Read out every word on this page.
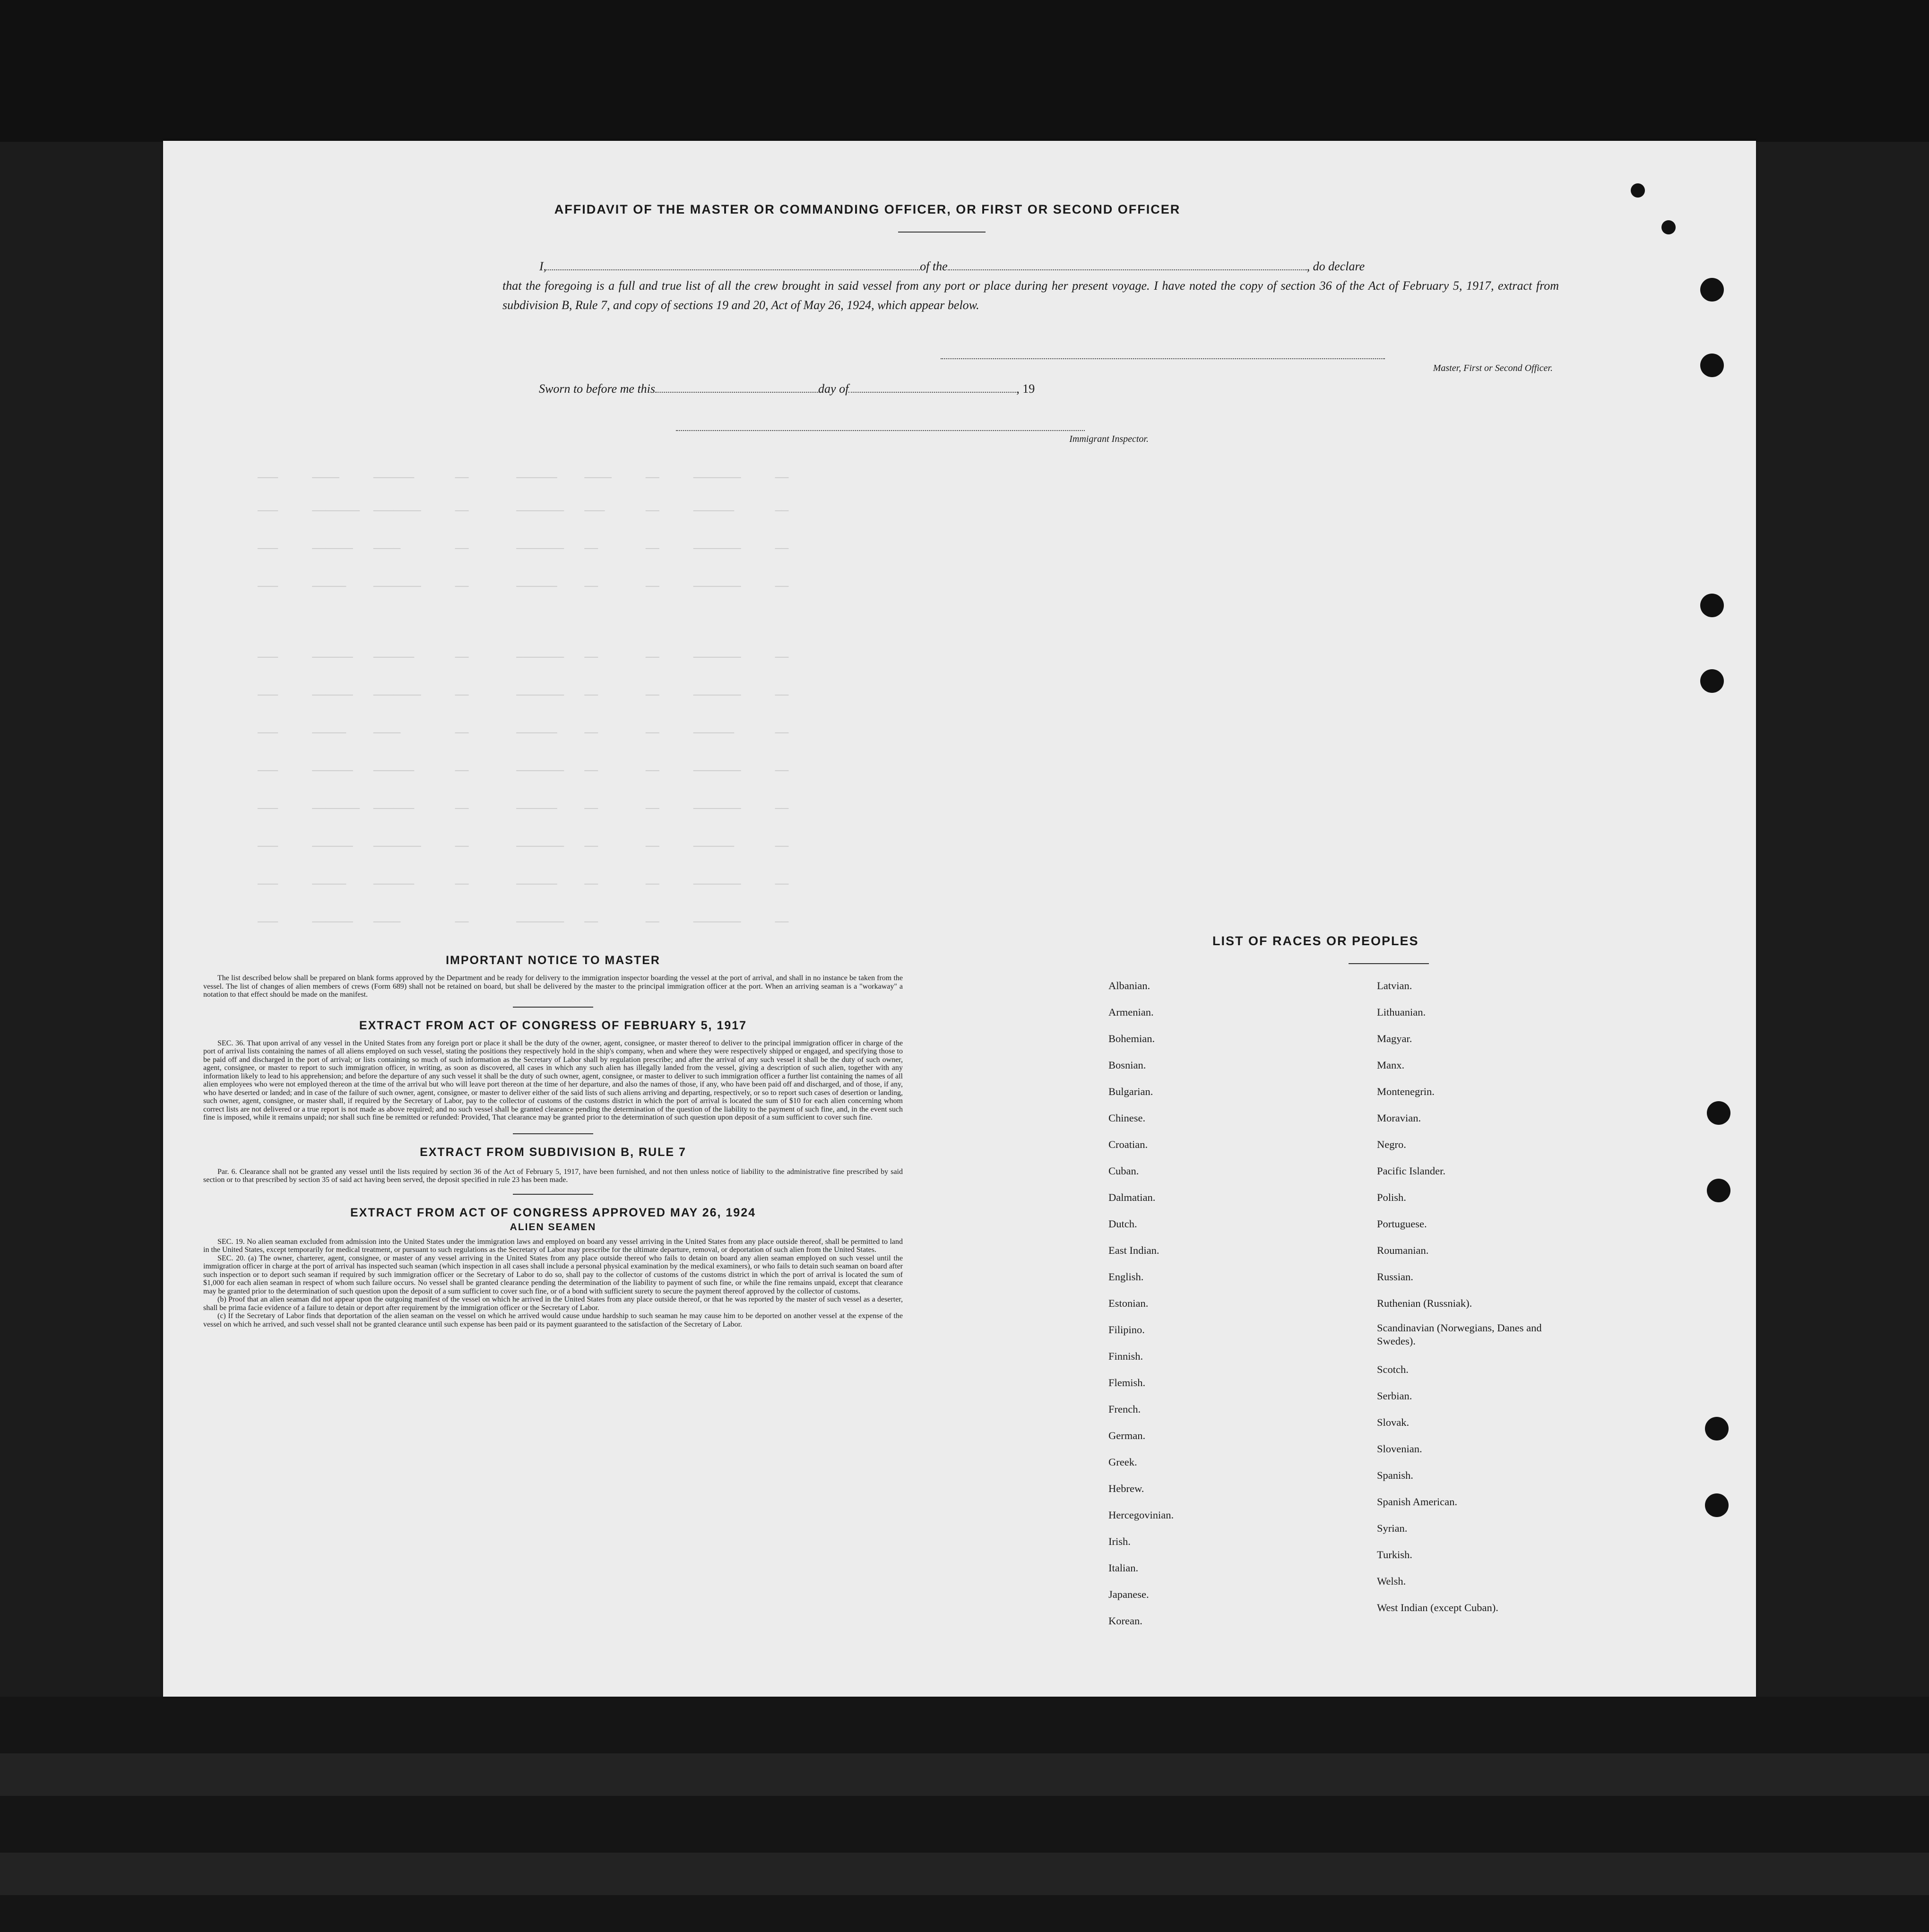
———     ————     ——————      ——       ——————    ————     ——     ———————     ——
———     ———————  ———————     ——       ———————   ———      ——     ——————      ——
———     ——————   ————        ——       ———————   ——       ——     ———————     ——
———     —————    ———————     ——       ——————    ——       ——     ———————     ——
———     ——————   ——————      ——       ———————   ——       ——     ———————     ——
———     ——————   ———————     ——       ———————   ——       ——     ———————     ——
———     —————    ————        ——       ——————    ——       ——     ——————      ——
———     ——————   ——————      ——       ———————   ——       ——     ———————     ——
———     ———————  ——————      ——       ——————    ——       ——     ———————     ——
———     ——————   ———————     ——       ———————   ——       ——     ——————      ——
———     —————    ——————      ——       ——————    ——       ——     ———————     ——
———     ——————   ————        ——       ———————   ——       ——     ———————     ——
AFFIDAVIT OF THE MASTER OR COMMANDING OFFICER, OR FIRST OR SECOND OFFICER
I,	of the	, do declare
that the foregoing is a full and true list of all the crew brought in said vessel from any port or place during her present voyage. I have noted the copy of section 36 of the Act of February 5, 1917, extract from subdivision B, Rule 7, and copy of sections 19 and 20, Act of May 26, 1924, which appear below.
Master, First or Second Officer.
Sworn to before me this	day of	, 19
Immigrant Inspector.
IMPORTANT NOTICE TO MASTER

The list described below shall be prepared on blank forms approved by the Department and be ready for delivery to the immigration inspector boarding the vessel at the port of arrival, and shall in no instance be taken from the vessel. The list of changes of alien members of crews (Form 689) shall not be retained on board, but shall be delivered by the master to the principal immigration officer at the port. When an arriving seaman is a "workaway" a notation to that effect should be made on the manifest.

EXTRACT FROM ACT OF CONGRESS OF FEBRUARY 5, 1917

SEC. 36. That upon arrival of any vessel in the United States from any foreign port or place it shall be the duty of the owner, agent, consignee, or master thereof to deliver to the principal immigration officer in charge of the port of arrival lists containing the names of all aliens employed on such vessel, stating the positions they respectively hold in the ship's company, when and where they were respectively shipped or engaged, and specifying those to be paid off and discharged in the port of arrival; or lists containing so much of such information as the Secretary of Labor shall by regulation prescribe; and after the arrival of any such vessel it shall be the duty of such owner, agent, consignee, or master to report to such immigration officer, in writing, as soon as discovered, all cases in which any such alien has illegally landed from the vessel, giving a description of such alien, together with any information likely to lead to his apprehension; and before the departure of any such vessel it shall be the duty of such owner, agent, consignee, or master to deliver to such immigration officer a further list containing the names of all alien employees who were not employed thereon at the time of the arrival but who will leave port thereon at the time of her departure, and also the names of those, if any, who have been paid off and discharged, and of those, if any, who have deserted or landed; and in case of the failure of such owner, agent, consignee, or master to deliver either of the said lists of such aliens arriving and departing, respectively, or so to report such cases of desertion or landing, such owner, agent, consignee, or master shall, if required by the Secretary of Labor, pay to the collector of customs of the customs district in which the port of arrival is located the sum of $10 for each alien concerning whom correct lists are not delivered or a true report is not made as above required; and no such vessel shall be granted clearance pending the determination of the question of the liability to the payment of such fine, and, in the event such fine is imposed, while it remains unpaid; nor shall such fine be remitted or refunded: Provided, That clearance may be granted prior to the determination of such question upon deposit of a sum sufficient to cover such fine.

EXTRACT FROM SUBDIVISION B, RULE 7

Par. 6. Clearance shall not be granted any vessel until the lists required by section 36 of the Act of February 5, 1917, have been furnished, and not then unless notice of liability to the administrative fine prescribed by said section or to that prescribed by section 35 of said act having been served, the deposit specified in rule 23 has been made.

EXTRACT FROM ACT OF CONGRESS APPROVED MAY 26, 1924
ALIEN SEAMEN

SEC. 19. No alien seaman excluded from admission into the United States under the immigration laws and employed on board any vessel arriving in the United States from any place outside thereof, shall be permitted to land in the United States, except temporarily for medical treatment, or pursuant to such regulations as the Secretary of Labor may prescribe for the ultimate departure, removal, or deportation of such alien from the United States.

SEC. 20. (a) The owner, charterer, agent, consignee, or master of any vessel arriving in the United States from any place outside thereof who fails to detain on board any alien seaman employed on such vessel until the immigration officer in charge at the port of arrival has inspected such seaman (which inspection in all cases shall include a personal physical examination by the medical examiners), or who fails to detain such seaman on board after such inspection or to deport such seaman if required by such immigration officer or the Secretary of Labor to do so, shall pay to the collector of customs of the customs district in which the port of arrival is located the sum of $1,000 for each alien seaman in respect of whom such failure occurs. No vessel shall be granted clearance pending the determination of the liability to payment of such fine, or while the fine remains unpaid, except that clearance may be granted prior to the determination of such question upon the deposit of a sum sufficient to cover such fine, or of a bond with sufficient surety to secure the payment thereof approved by the collector of customs.

(b) Proof that an alien seaman did not appear upon the outgoing manifest of the vessel on which he arrived in the United States from any place outside thereof, or that he was reported by the master of such vessel as a deserter, shall be prima facie evidence of a failure to detain or deport after requirement by the immigration officer or the Secretary of Labor.

(c) If the Secretary of Labor finds that deportation of the alien seaman on the vessel on which he arrived would cause undue hardship to such seaman he may cause him to be deported on another vessel at the expense of the vessel on which he arrived, and such vessel shall not be granted clearance until such expense has been paid or its payment guaranteed to the satisfaction of the Secretary of Labor.

LIST OF RACES OR PEOPLES
Albanian.
Armenian.
Bohemian.
Bosnian.
Bulgarian.
Chinese.
Croatian.
Cuban.
Dalmatian.
Dutch.
East Indian.
English.
Estonian.
Filipino.
Finnish.
Flemish.
French.
German.
Greek.
Hebrew.
Hercegovinian.
Irish.
Italian.
Japanese.
Korean.
Latvian.
Lithuanian.
Magyar.
Manx.
Montenegrin.
Moravian.
Negro.
Pacific Islander.
Polish.
Portuguese.
Roumanian.
Russian.
Ruthenian (Russniak).
Scandinavian (Norwegians, Danes and Swedes).
Scotch.
Serbian.
Slovak.
Slovenian.
Spanish.
Spanish American.
Syrian.
Turkish.
Welsh.
West Indian (except Cuban).
